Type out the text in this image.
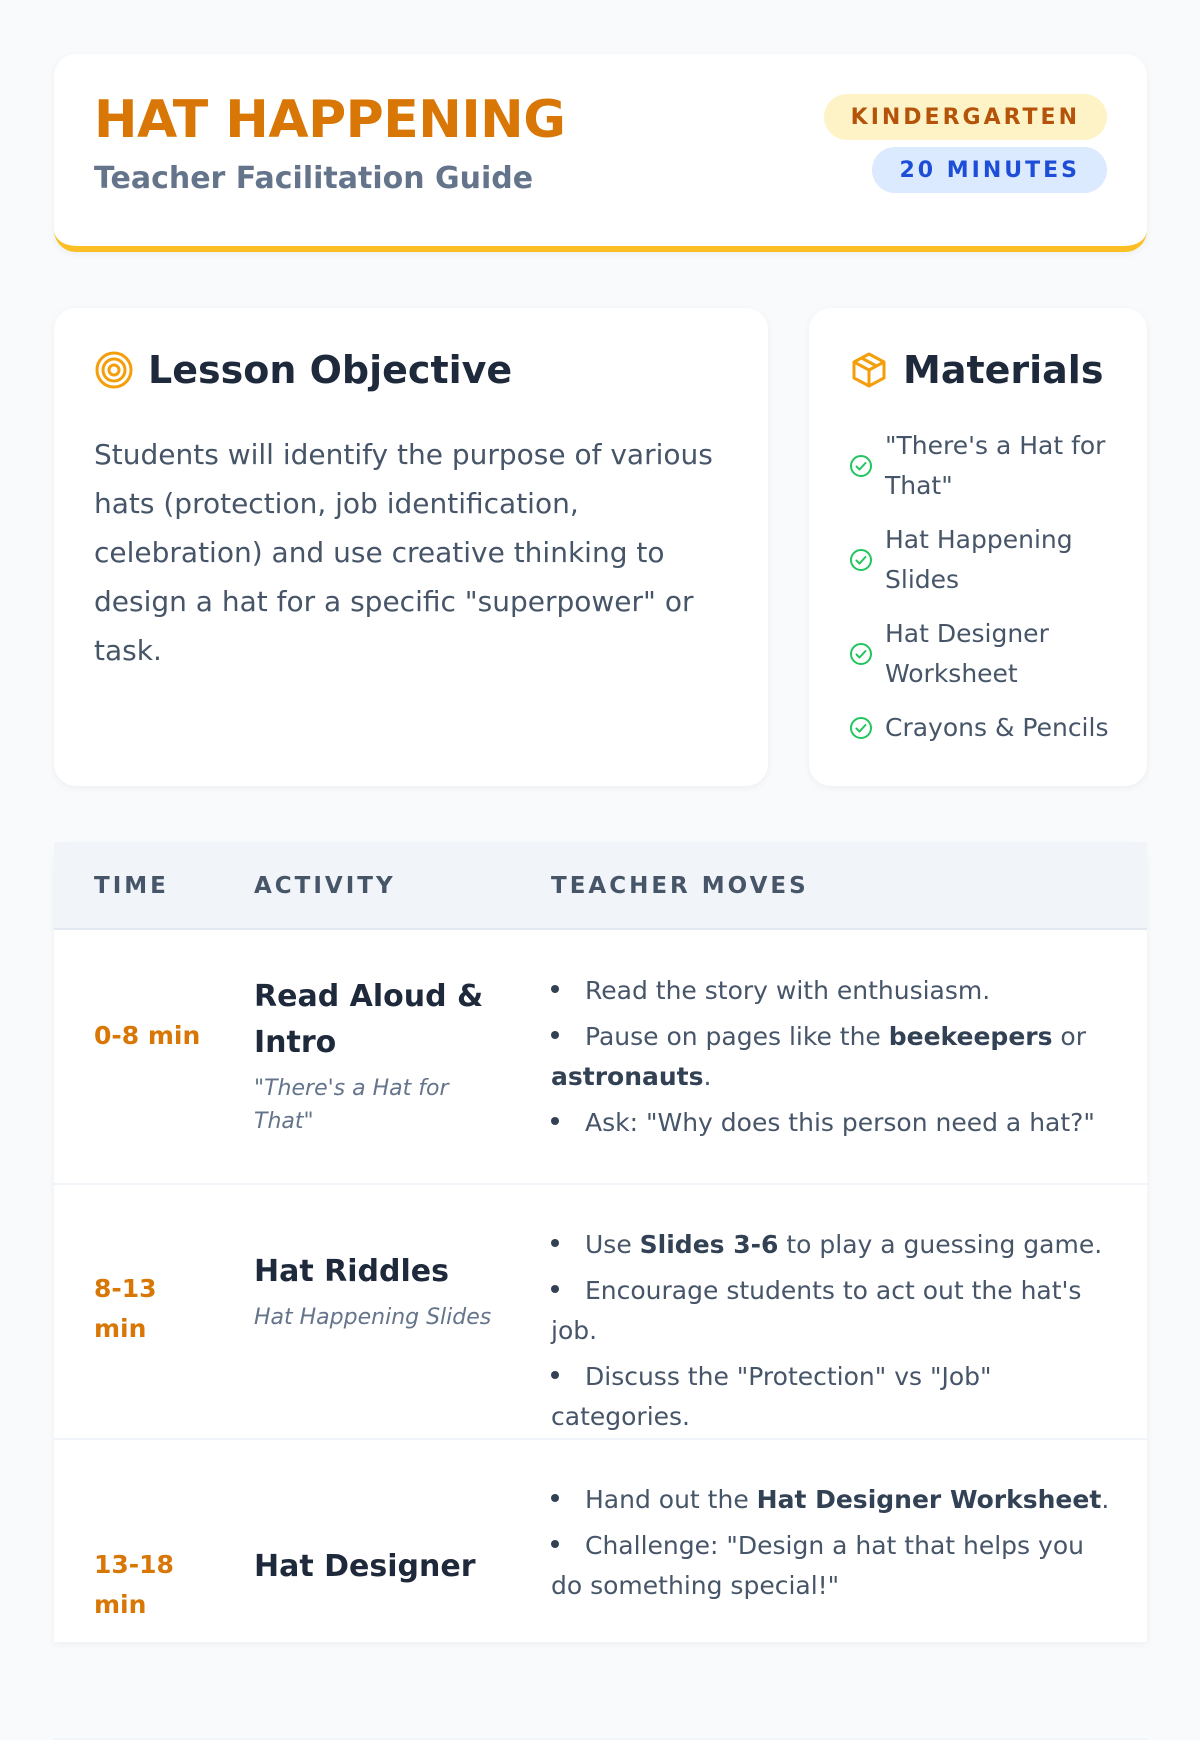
HAT HAPPENING
Teacher Facilitation Guide
KINDERGARTEN
20 MINUTES
Lesson Objective
Students will identify the purpose of various hats (protection, job identification, celebration) and use creative thinking to design a hat for a specific "superpower" or task.
Materials
"There's a Hat for That"
Hat Happening Slides
Hat Designer Worksheet
Crayons & Pencils
TIME	ACTIVITY	TEACHER MOVES
0-8 min
Read Aloud & Intro
"There's a Hat for That"
Read the story with enthusiasm.
Pause on pages like the beekeepers or astronauts.
Ask: "Why does this person need a hat?"
8-13 min
Hat Riddles
Hat Happening Slides
Use Slides 3-6 to play a guessing game.
Encourage students to act out the hat's job.
Discuss the "Protection" vs "Job" categories.
13-18 min
Hat Designer
Hand out the Hat Designer Worksheet.
Challenge: "Design a hat that helps you do something special!"
